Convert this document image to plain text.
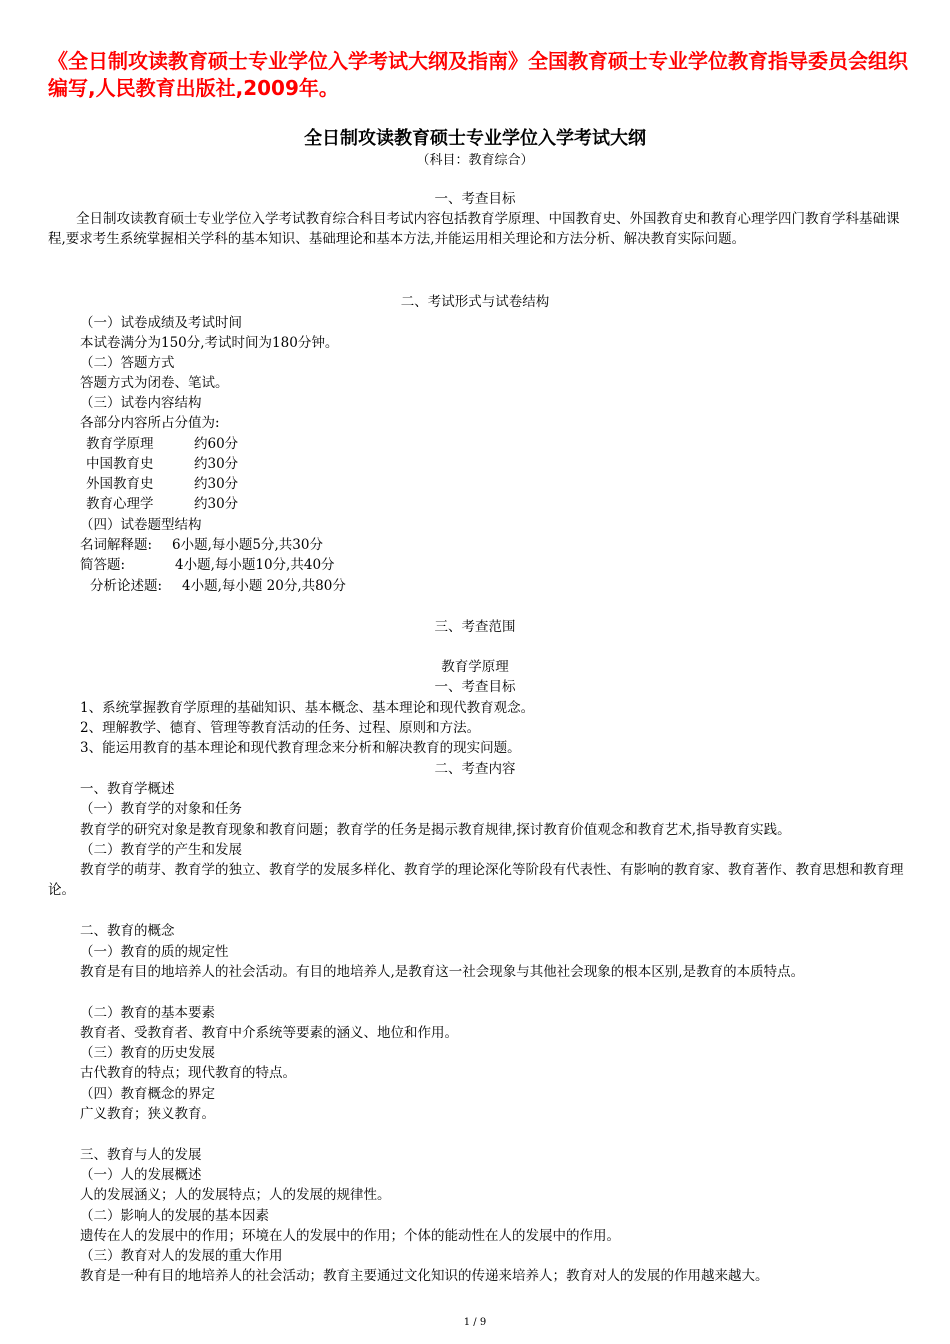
《全日制攻读教育硕士专业学位入学考试大纲及指南》全国教育硕士专业学位教育指导委员会组织编写,人民教育出版社,2009年。
全日制攻读教育硕士专业学位入学考试大纲
（科目：教育综合）
一、考查目标
全日制攻读教育硕士专业学位入学考试教育综合科目考试内容包括教育学原理、中国教育史、外国教育史和教育心理学四门教育学科基础课程,要求考生系统掌握相关学科的基本知识、基础理论和基本方法,并能运用相关理论和方法分析、解决教育实际问题。
二、考试形式与试卷结构
（一）试卷成绩及考试时间
本试卷满分为150分,考试时间为180分钟。
（二）答题方式
答题方式为闭卷、笔试。
（三）试卷内容结构
各部分内容所占分值为:
教育学原理	约60分
中国教育史	约30分
外国教育史	约30分
教育心理学	约30分
（四）试卷题型结构
名词解释题: 6小题,每小题5分,共30分
简答题:	4小题,每小题10分,共40分
分析论述题: 4小题,每小题 20分,共80分
三、考查范围
教育学原理
一、考查目标
1、系统掌握教育学原理的基础知识、基本概念、基本理论和现代教育观念。
2、理解教学、德育、管理等教育活动的任务、过程、原则和方法。
3、能运用教育的基本理论和现代教育理念来分析和解决教育的现实问题。
二、考查内容
一、教育学概述
（一）教育学的对象和任务
教育学的研究对象是教育现象和教育问题；教育学的任务是揭示教育规律,探讨教育价值观念和教育艺术,指导教育实践。
（二）教育学的产生和发展
教育学的萌芽、教育学的独立、教育学的发展多样化、教育学的理论深化等阶段有代表性、有影响的教育家、教育著作、教育思想和教育理论。
二、教育的概念
（一）教育的质的规定性
教育是有目的地培养人的社会活动。有目的地培养人,是教育这一社会现象与其他社会现象的根本区别,是教育的本质特点。
（二）教育的基本要素
教育者、受教育者、教育中介系统等要素的涵义、地位和作用。
（三）教育的历史发展
古代教育的特点；现代教育的特点。
（四）教育概念的界定
广义教育；狭义教育。
三、教育与人的发展
（一）人的发展概述
人的发展涵义；人的发展特点；人的发展的规律性。
（二）影响人的发展的基本因素
遗传在人的发展中的作用；环境在人的发展中的作用；个体的能动性在人的发展中的作用。
（三）教育对人的发展的重大作用
教育是一种有目的地培养人的社会活动；教育主要通过文化知识的传递来培养人；教育对人的发展的作用越来越大。
1 / 9
